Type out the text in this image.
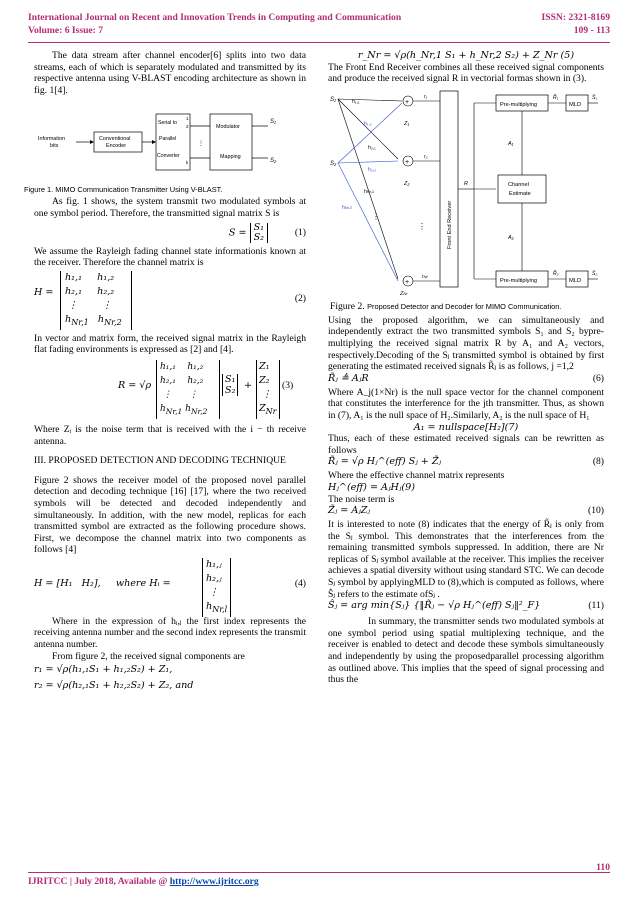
International Journal on Recent and Innovation Trends in Computing and Communication	ISSN: 2321-8169
Volume: 6 Issue: 7	109 - 113

The data stream after channel encoder[6] splits into two data streams, each of which is separately modulated and transmitted by its respective antenna using V-BLAST encoding architecture as shown in fig. 1[4].

Information
bits
Conventional
Encoder
Serial to
1
2
Parallel
Converter
k
⋮
Modulator
Mapping
S₁
S₂
Figure 1. MIMO Communication Transmitter Using V-BLAST.

As fig. 1 shows, the system transmit two modulated symbols at one symbol period. Therefore, the transmitted signal matrix S is

S = S₁
S₂	(1)

We assume the Rayleigh fading channel state informationis known at the receiver. Therefore the channel matrix is

H =
h₁,₁     h₁,₂
h₂,₁     h₂,₂
⋮        ⋮
$h_{Nr,1}$   $h_{Nr,2}$
(2)

In vector and matrix form, the received signal matrix in the Rayleigh flat fading environments is expressed as [2] and [4].

R = √ρ
h₁,₁    h₁,₂
h₂,₁    h₂,₂
⋮      ⋮
$h_{Nr,1}$ $h_{Nr,2}$
S₁
S₂ +
Z₁
Z₂
⋮
$Z_{Nr}$
(3)

Where Zᵢ is the noise term that is received with the i − th receive antenna.

III. PROPOSED DETECTION AND DECODING TECHNIQUE

Figure 2 shows the receiver model of the proposed novel parallel detection and decoding technique [16] [17], where the two received symbols will be detected and decoded independently and simultaneously. In addition, with the new model, replicas for each transmitted symbol are extracted as the following procedure shows. First, we decompose the channel matrix into two components as follows [4]

H = [H₁   H₂],     where Hᵢ =
h₁,ⱼ
h₂,ⱼ
⋮
$h_{Nr,l}$
(4)

Where in the expression of hᵢ,ⱼ the first index represents the receiving antenna number and the second index represents the transmit antenna number.

From figure 2, the received signal components are

r₁ = √ρ(h₁,₁S₁ + h₁,₂S₂) + Z₁,

r₂ = √ρ(h₂,₁S₁ + h₂,₂S₂) + Z₂, and

r_Nr = √ρ(h_Nr,1 S₁ + h_Nr,2 S₂) + Z_Nr (5)

The Front End Receiver combines all these received signal components and produce the received signal R in vectorial formas shown in (3).

S₁
S₂
h₁,₁
h₁,₂
h₂,₁
h₂,₂
hNr,1
hNr,2
⋮
+
+
+
Z₁
Z₂
ZNr
r₁
r₂
rNr
⋮	Front End Receiver
R
Pre-multiplying
Pre-multiplying
Channel
Estimate
A₁
A₂
R̃₁
R̃₂
MLD
MLD
Ŝ₁
Ŝ₂
Figure 2. Proposed Detector and Decoder for MIMO Communication.

Using the proposed algorithm, we can simultaneously and independently extract the two transmitted symbols S₁ and S₂ bypre-multiplying the received signal matrix R by A₁ and A₂ vectors, respectively.Decoding of the Sⱼ transmitted symbol is obtained by first generating the estimated received signals R̃ⱼ is as follows, j =1,2

R̃ⱼ ≜ AⱼR	(6)

Where A_j(1×Nr) is the null space vector for the channel component that constitutes the interference for the jth transmitter. Thus, as shown in (7), A₁ is the null space of H₂.Similarly, A₂ is the null space of H₁

A₁ = nullspace[H₂](7)

Thus, each of these estimated received signals can be rewritten as follows

R̃ⱼ = √ρ Hⱼ^(eff) Sⱼ + Z̃ⱼ	(8)

Where the effective channel matrix represents

Hⱼ^(eff) = AⱼHⱼ(9)

The noise term is

Z̃ⱼ = AⱼZⱼ	(10)

It is interested to note (8) indicates that the energy of R̃ⱼ is only from the Sⱼ symbol. This demonstrates that the interferences from the remaining transmitted symbols suppressed. In addition, there are Nr replicas of Sⱼ symbol available at the receiver. This implies the receiver achieves a spatial diversity without using standard STC. We can decode Sⱼ symbol by applyingMLD to (8),which is computed as follows, where Ŝⱼ refers to the estimate ofSⱼ .

Ŝⱼ = arg min{Sⱼ} {‖R̃ⱼ − √ρ Hⱼ^(eff) Sⱼ‖²_F}	(11)

In summary, the transmitter sends two modulated symbols at one symbol period using spatial multiplexing technique, and the receiver is enabled to detect and decode these symbols simultaneously and independently by using the proposedparallel processing algorithm as outlined above. This implies that the speed of signal processing and thus the

110
IJRITCC | July 2018, Available @ http://www.ijritcc.org
